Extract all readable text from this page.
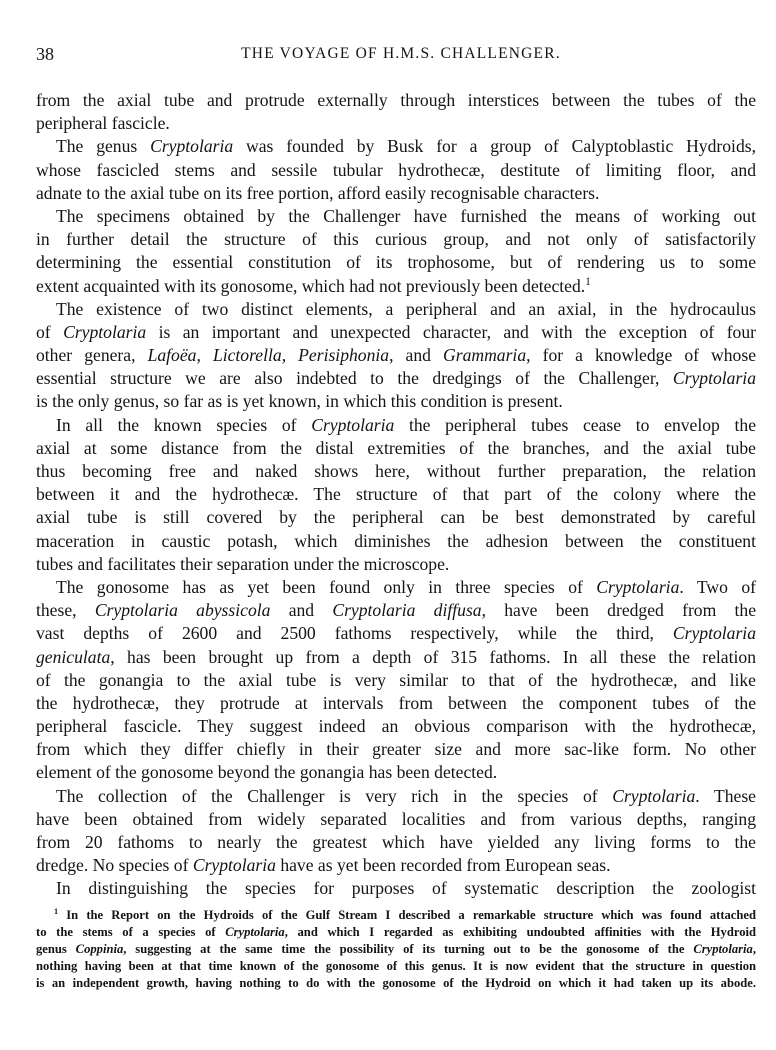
38	THE VOYAGE OF H.M.S. CHALLENGER.
from the axial tube and protrude externally through interstices between the tubes of the
peripheral fascicle.
The genus Cryptolaria was founded by Busk for a group of Calyptoblastic Hydroids,
whose fascicled stems and sessile tubular hydrothecæ, destitute of limiting floor, and
adnate to the axial tube on its free portion, afford easily recognisable characters.
The specimens obtained by the Challenger have furnished the means of working out
in further detail the structure of this curious group, and not only of satisfactorily
determining the essential constitution of its trophosome, but of rendering us to some
extent acquainted with its gonosome, which had not previously been detected.$^1$
The existence of two distinct elements, a peripheral and an axial, in the hydrocaulus
of Cryptolaria is an important and unexpected character, and with the exception of four
other genera, Lafoëa, Lictorella, Perisiphonia, and Grammaria, for a knowledge of whose
essential structure we are also indebted to the dredgings of the Challenger, Cryptolaria
is the only genus, so far as is yet known, in which this condition is present.
In all the known species of Cryptolaria the peripheral tubes cease to envelop the
axial at some distance from the distal extremities of the branches, and the axial tube
thus becoming free and naked shows here, without further preparation, the relation
between it and the hydrothecæ. The structure of that part of the colony where the
axial tube is still covered by the peripheral can be best demonstrated by careful
maceration in caustic potash, which diminishes the adhesion between the constituent
tubes and facilitates their separation under the microscope.
The gonosome has as yet been found only in three species of Cryptolaria. Two of
these, Cryptolaria abyssicola and Cryptolaria diffusa, have been dredged from the
vast depths of 2600 and 2500 fathoms respectively, while the third, Cryptolaria
geniculata, has been brought up from a depth of 315 fathoms. In all these the relation
of the gonangia to the axial tube is very similar to that of the hydrothecæ, and like
the hydrothecæ, they protrude at intervals from between the component tubes of the
peripheral fascicle. They suggest indeed an obvious comparison with the hydrothecæ,
from which they differ chiefly in their greater size and more sac-like form. No other
element of the gonosome beyond the gonangia has been detected.
The collection of the Challenger is very rich in the species of Cryptolaria. These
have been obtained from widely separated localities and from various depths, ranging
from 20 fathoms to nearly the greatest which have yielded any living forms to the
dredge. No species of Cryptolaria have as yet been recorded from European seas.
In distinguishing the species for purposes of systematic description the zoologist
$^1$ In the Report on the Hydroids of the Gulf Stream I described a remarkable structure which was found attached
to the stems of a species of Cryptolaria, and which I regarded as exhibiting undoubted affinities with the Hydroid
genus Coppinia, suggesting at the same time the possibility of its turning out to be the gonosome of the Cryptolaria,
nothing having been at that time known of the gonosome of this genus. It is now evident that the structure in question
is an independent growth, having nothing to do with the gonosome of the Hydroid on which it had taken up its abode.
